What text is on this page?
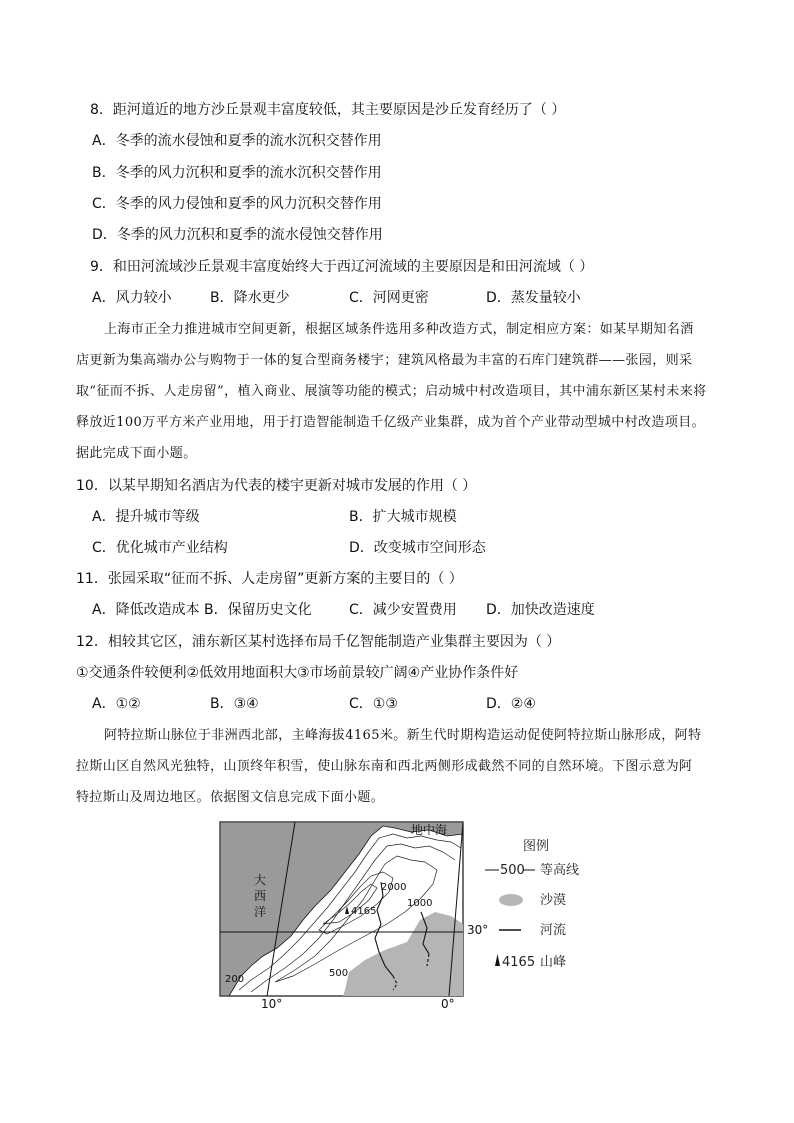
8．距河道近的地方沙丘景观丰富度较低，其主要原因是沙丘发育经历了（ ）
A．冬季的流水侵蚀和夏季的流水沉积交替作用
B．冬季的风力沉积和夏季的流水沉积交替作用
C．冬季的风力侵蚀和夏季的风力沉积交替作用
D．冬季的风力沉积和夏季的流水侵蚀交替作用
9．和田河流域沙丘景观丰富度始终大于西辽河流域的主要原因是和田河流域（ ）
A．风力较小	B．降水更少	C．河网更密	D．蒸发量较小
上海市正全力推进城市空间更新，根据区域条件选用多种改造方式，制定相应方案：如某早期知名酒
店更新为集高端办公与购物于一体的复合型商务楼宇；建筑风格最为丰富的石库门建筑群——张园，则采
取“征而不拆、人走房留”，植入商业、展演等功能的模式；启动城中村改造项目，其中浦东新区某村未来将
释放近100万平方米产业用地，用于打造智能制造千亿级产业集群，成为首个产业带动型城中村改造项目。
据此完成下面小题。
10．以某早期知名酒店为代表的楼宇更新对城市发展的作用（ ）
A．提升城市等级	B．扩大城市规模
C．优化城市产业结构	D．改变城市空间形态
11．张园采取“征而不拆、人走房留”更新方案的主要目的（ ）
A．降低改造成本 B．保留历史文化	C．减少安置费用 D．加快改造速度
12．相较其它区，浦东新区某村选择布局千亿智能制造产业集群主要因为（ ）
①交通条件较便利②低效用地面积大③市场前景较广阔④产业协作条件好
A．①②	B．③④	C．①③	D．②④
阿特拉斯山脉位于非洲西北部，主峰海拔4165米。新生代时期构造运动促使阿特拉斯山脉形成，阿特
拉斯山区自然风光独特，山顶终年积雪，使山脉东南和西北两侧形成截然不同的自然环境。下图示意为阿
特拉斯山及周边地区。依据图文信息完成下面小题。
地中海
大
西
洋
2000
1000
500
200
4165
30°
10°	0°
图例
500 等高线
沙漠
河流
4165 山峰
